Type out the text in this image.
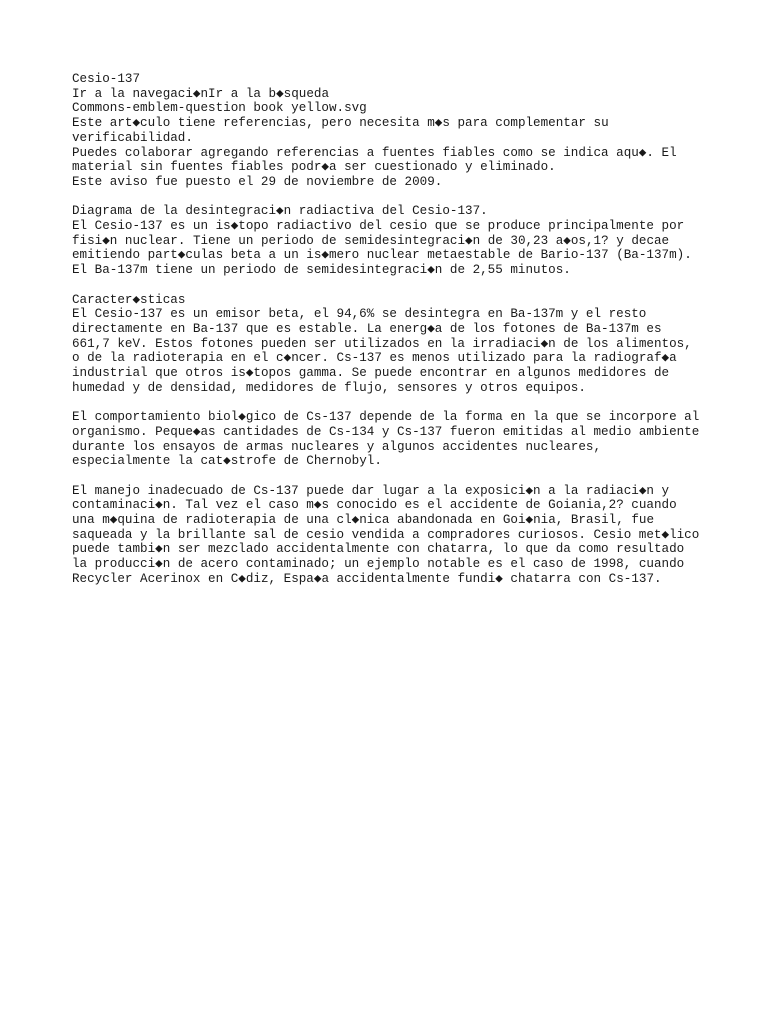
Cesio-137
Ir a la navegaci◆nIr a la b◆squeda
Commons-emblem-question book yellow.svg
Este art◆culo tiene referencias, pero necesita m◆s para complementar su
verificabilidad.
Puedes colaborar agregando referencias a fuentes fiables como se indica aqu◆. El
material sin fuentes fiables podr◆a ser cuestionado y eliminado.
Este aviso fue puesto el 29 de noviembre de 2009.
Diagrama de la desintegraci◆n radiactiva del Cesio-137.
El Cesio-137 es un is◆topo radiactivo del cesio que se produce principalmente por
fisi◆n nuclear. Tiene un periodo de semidesintegraci◆n de 30,23 a◆os,1? y decae
emitiendo part◆culas beta a un is◆mero nuclear metaestable de Bario-137 (Ba-137m).
El Ba-137m tiene un periodo de semidesintegraci◆n de 2,55 minutos.
Caracter◆sticas
El Cesio-137 es un emisor beta, el 94,6% se desintegra en Ba-137m y el resto
directamente en Ba-137 que es estable. La energ◆a de los fotones de Ba-137m es
661,7 keV. Estos fotones pueden ser utilizados en la irradiaci◆n de los alimentos,
o de la radioterapia en el c◆ncer. Cs-137 es menos utilizado para la radiograf◆a
industrial que otros is◆topos gamma. Se puede encontrar en algunos medidores de
humedad y de densidad, medidores de flujo, sensores y otros equipos.
El comportamiento biol◆gico de Cs-137 depende de la forma en la que se incorpore al
organismo. Peque◆as cantidades de Cs-134 y Cs-137 fueron emitidas al medio ambiente
durante los ensayos de armas nucleares y algunos accidentes nucleares,
especialmente la cat◆strofe de Chernobyl.
El manejo inadecuado de Cs-137 puede dar lugar a la exposici◆n a la radiaci◆n y
contaminaci◆n. Tal vez el caso m◆s conocido es el accidente de Goiania,2? cuando
una m◆quina de radioterapia de una cl◆nica abandonada en Goi◆nia, Brasil, fue
saqueada y la brillante sal de cesio vendida a compradores curiosos. Cesio met◆lico
puede tambi◆n ser mezclado accidentalmente con chatarra, lo que da como resultado
la producci◆n de acero contaminado; un ejemplo notable es el caso de 1998, cuando
Recycler Acerinox en C◆diz, Espa◆a accidentalmente fundi◆ chatarra con Cs-137.
